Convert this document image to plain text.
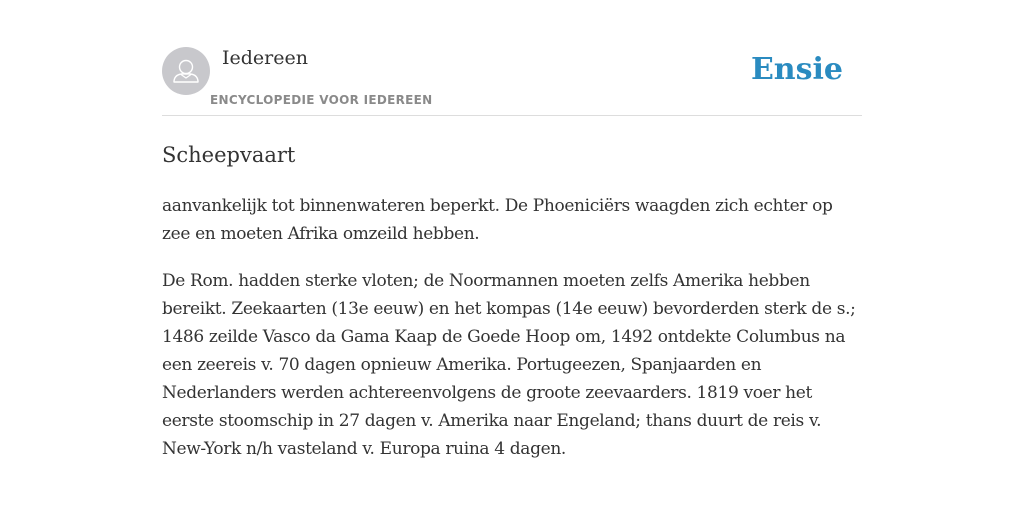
Iedereen
ENCYCLOPEDIE VOOR IEDEREEN
Ensie
Scheepvaart

aanvankelijk tot binnenwateren beperkt. De Phoeniciërs waagden zich echter op zee en moeten Afrika omzeild hebben.

De Rom. hadden sterke vloten; de Noormannen moeten zelfs Amerika hebben bereikt. Zeekaarten (13e eeuw) en het kompas (14e eeuw) bevorderden sterk de s.; 1486 zeilde Vasco da Gama Kaap de Goede Hoop om, 1492 ontdekte Columbus na een zeereis v. 70 dagen opnieuw Amerika. Portugeezen, Spanjaarden en Nederlanders werden achtereenvolgens de groote zeevaarders. 1819 voer het eerste stoomschip in 27 dagen v. Amerika naar Engeland; thans duurt de reis v. New-York n/h vasteland v. Europa ruina 4 dagen.
